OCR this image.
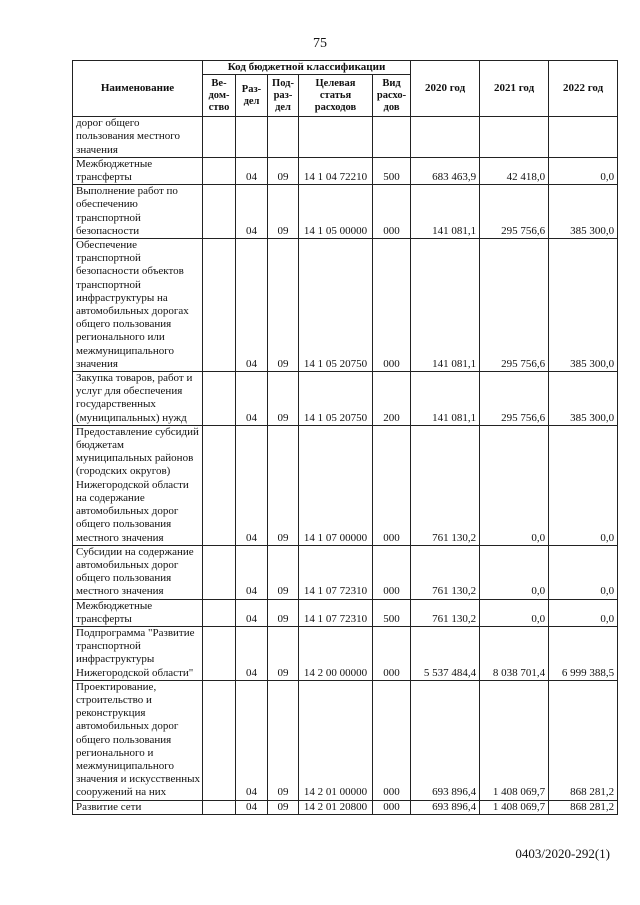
75
Наименование	Код бюджетной классификации					2020 год	2021 год	2022 год
	Ве-дом-ство	Раз-дел	Под-раз-дел	Целевая статья расходов	Вид расхо-дов			
дорог общего пользования местного значения								
Межбюджетные трансферты		04	09	14 1 04 72210	500	683 463,9	42 418,0	0,0
Выполнение работ по обеспечению транспортной безопасности		04	09	14 1 05 00000	000	141 081,1	295 756,6	385 300,0
Обеспечение транспортной безопасности объектов транспортной инфраструктуры на автомобильных дорогах общего пользования регионального или межмуниципального значения		04	09	14 1 05 20750	000	141 081,1	295 756,6	385 300,0
Закупка товаров, работ и услуг для обеспечения государственных (муниципальных) нужд		04	09	14 1 05 20750	200	141 081,1	295 756,6	385 300,0
Предоставление субсидий бюджетам муниципальных районов (городских округов) Нижегородской области на содержание автомобильных дорог общего пользования местного значения		04	09	14 1 07 00000	000	761 130,2	0,0	0,0
Субсидии на содержание автомобильных дорог общего пользования местного значения		04	09	14 1 07 72310	000	761 130,2	0,0	0,0
Межбюджетные трансферты		04	09	14 1 07 72310	500	761 130,2	0,0	0,0
Подпрограмма "Развитие транспортной инфраструктуры Нижегородской области"		04	09	14 2 00 00000	000	5 537 484,4	8 038 701,4	6 999 388,5
Проектирование, строительство и реконструкция автомобильных дорог общего пользования регионального и межмуниципального значения и искусственных сооружений на них		04	09	14 2 01 00000	000	693 896,4	1 408 069,7	868 281,2
Развитие сети		04	09	14 2 01 20800	000	693 896,4	1 408 069,7	868 281,2
0403/2020-292(1)
